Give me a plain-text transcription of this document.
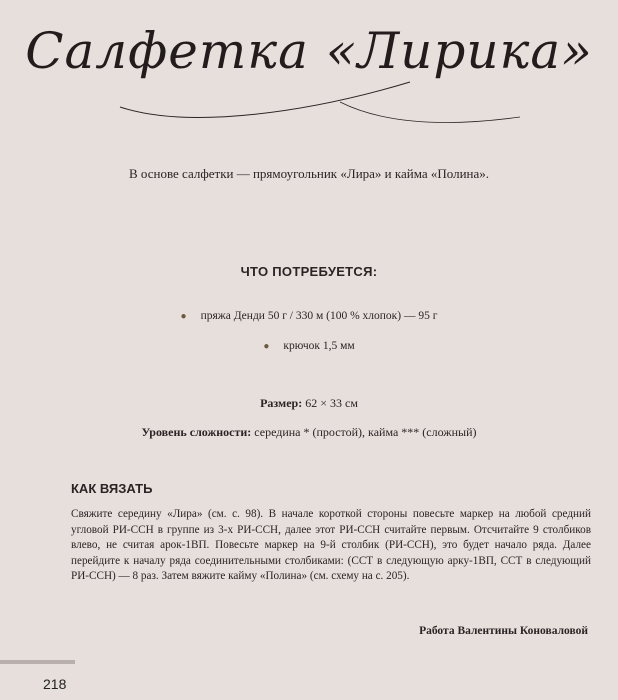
Салфетка «Лирика»
В основе салфетки — прямоугольник «Лира» и кайма «Полина».
ЧТО ПОТРЕБУЕТСЯ:
● пряжа Денди 50 г / 330 м (100 % хлопок) — 95 г
● крючок 1,5 мм
Размер: 62 × 33 см
Уровень сложности: середина * (простой), кайма *** (сложный)
КАК ВЯЗАТЬ
Свяжите середину «Лира» (см. с. 98). В начале короткой стороны повесьте маркер на любой средний угловой РИ-ССН в группе из 3-х РИ-ССН, далее этот РИ-ССН считайте первым. Отсчитайте 9 столбиков влево, не считая арок-1ВП. Повесьте маркер на 9-й столбик (РИ-ССН), это будет начало ряда. Далее перейдите к началу ряда соединительными столбиками: (ССТ в следующую арку-1ВП, ССТ в следующий РИ-ССН) — 8 раз. Затем вяжите кайму «Полина» (см. схему на с. 205).
Работа Валентины Коноваловой
218
